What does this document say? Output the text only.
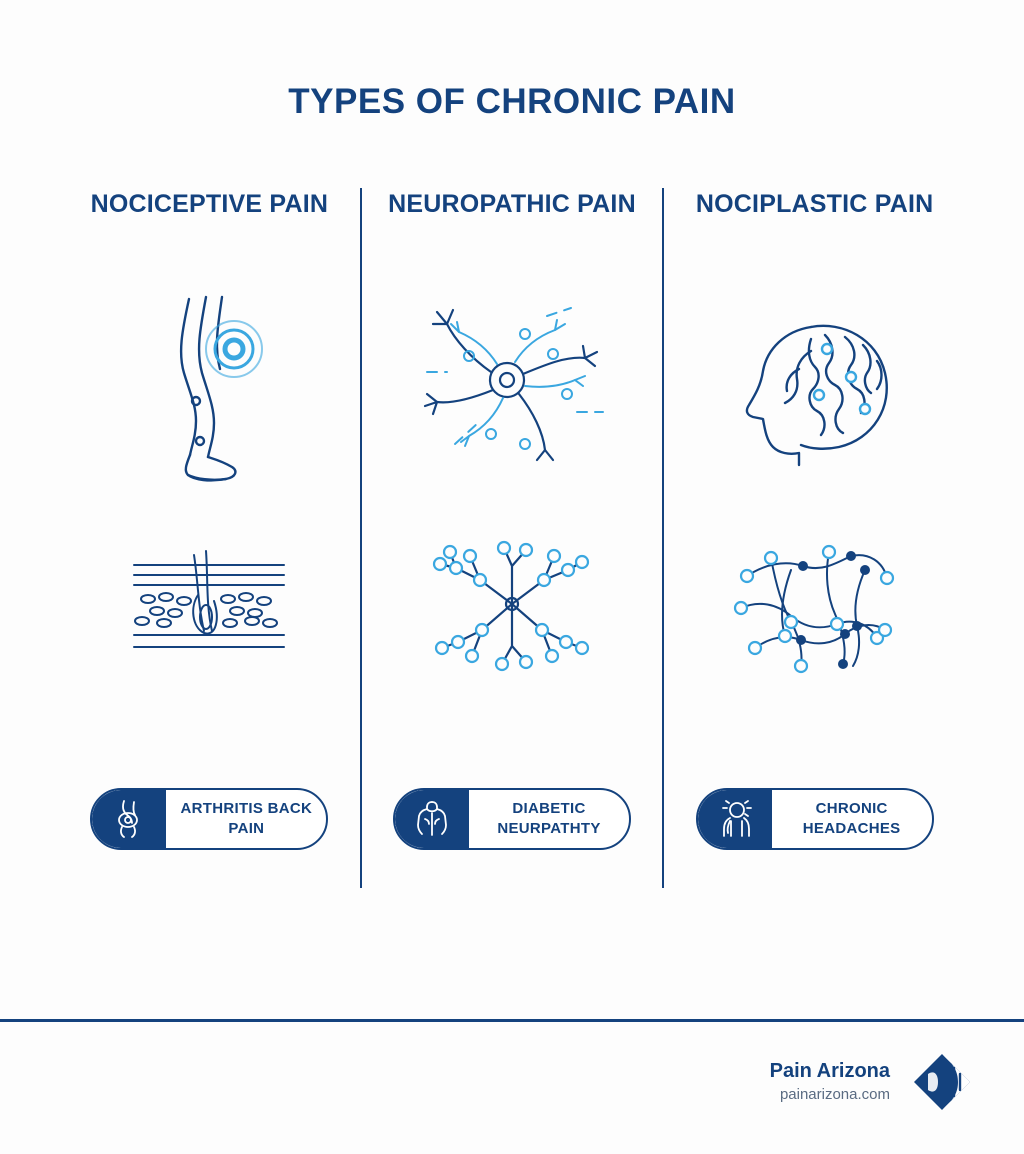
TYPES OF CHRONIC PAIN
NOCICEPTIVE PAIN
ARTHRITIS BACK PAIN
NEUROPATHIC PAIN
DIABETIC NEURPATHTY
NOCIPLASTIC PAIN
CHRONIC HEADACHES
Pain Arizona
painarizona.com
